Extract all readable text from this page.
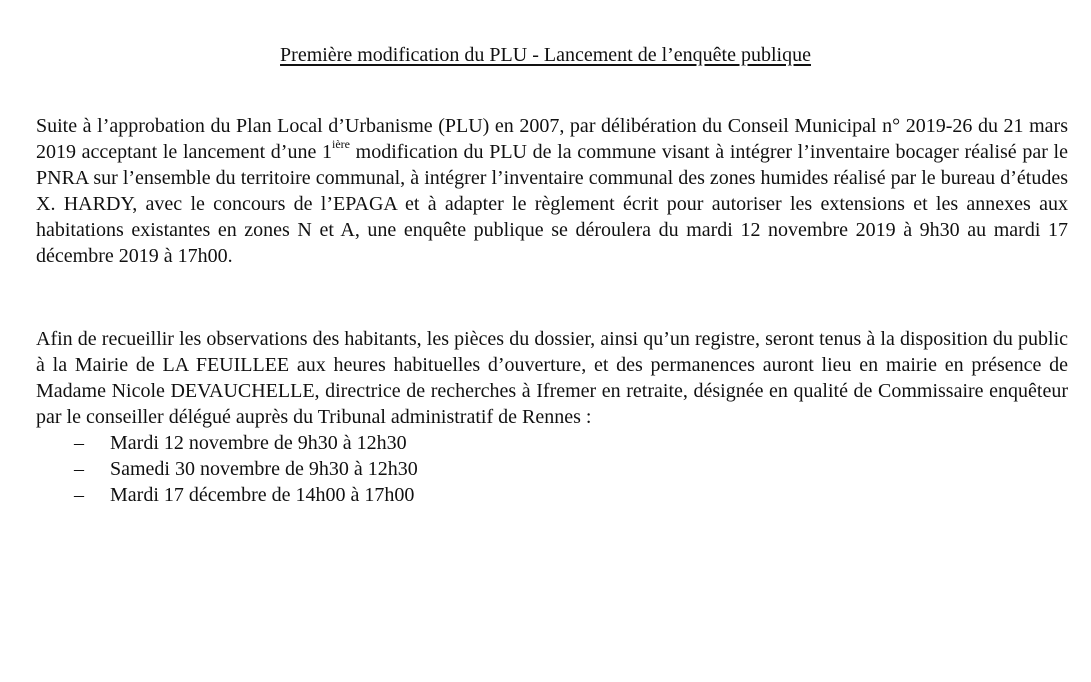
Première modification du PLU - Lancement de l’enquête publique

Suite à l’approbation du Plan Local d’Urbanisme (PLU) en 2007, par délibération du Conseil Municipal n° 2019-26 du 21 mars 2019 acceptant le lancement d’une $1^{ière}$ modification du PLU de la commune visant à intégrer l’inventaire bocager réalisé par le PNRA sur l’ensemble du territoire communal, à intégrer l’inventaire communal des zones humides réalisé par le bureau d’études X. HARDY, avec le concours de l’EPAGA et à adapter le règlement écrit pour autoriser les extensions et les annexes aux habitations existantes en zones N et A, une enquête publique se déroulera du mardi 12 novembre 2019 à 9h30 au mardi 17 décembre 2019 à 17h00.

Afin de recueillir les observations des habitants, les pièces du dossier, ainsi qu’un registre, seront tenus à la disposition du public à la Mairie de LA FEUILLEE aux heures habituelles d’ouverture, et des permanences auront lieu en mairie en présence de Madame Nicole DEVAUCHELLE, directrice de recherches à Ifremer en retraite, désignée en qualité de Commissaire enquêteur par le conseiller délégué auprès du Tribunal administratif de Rennes :

– Mardi 12 novembre de 9h30 à 12h30
– Samedi 30 novembre de 9h30 à 12h30
– Mardi 17 décembre de 14h00 à 17h00
